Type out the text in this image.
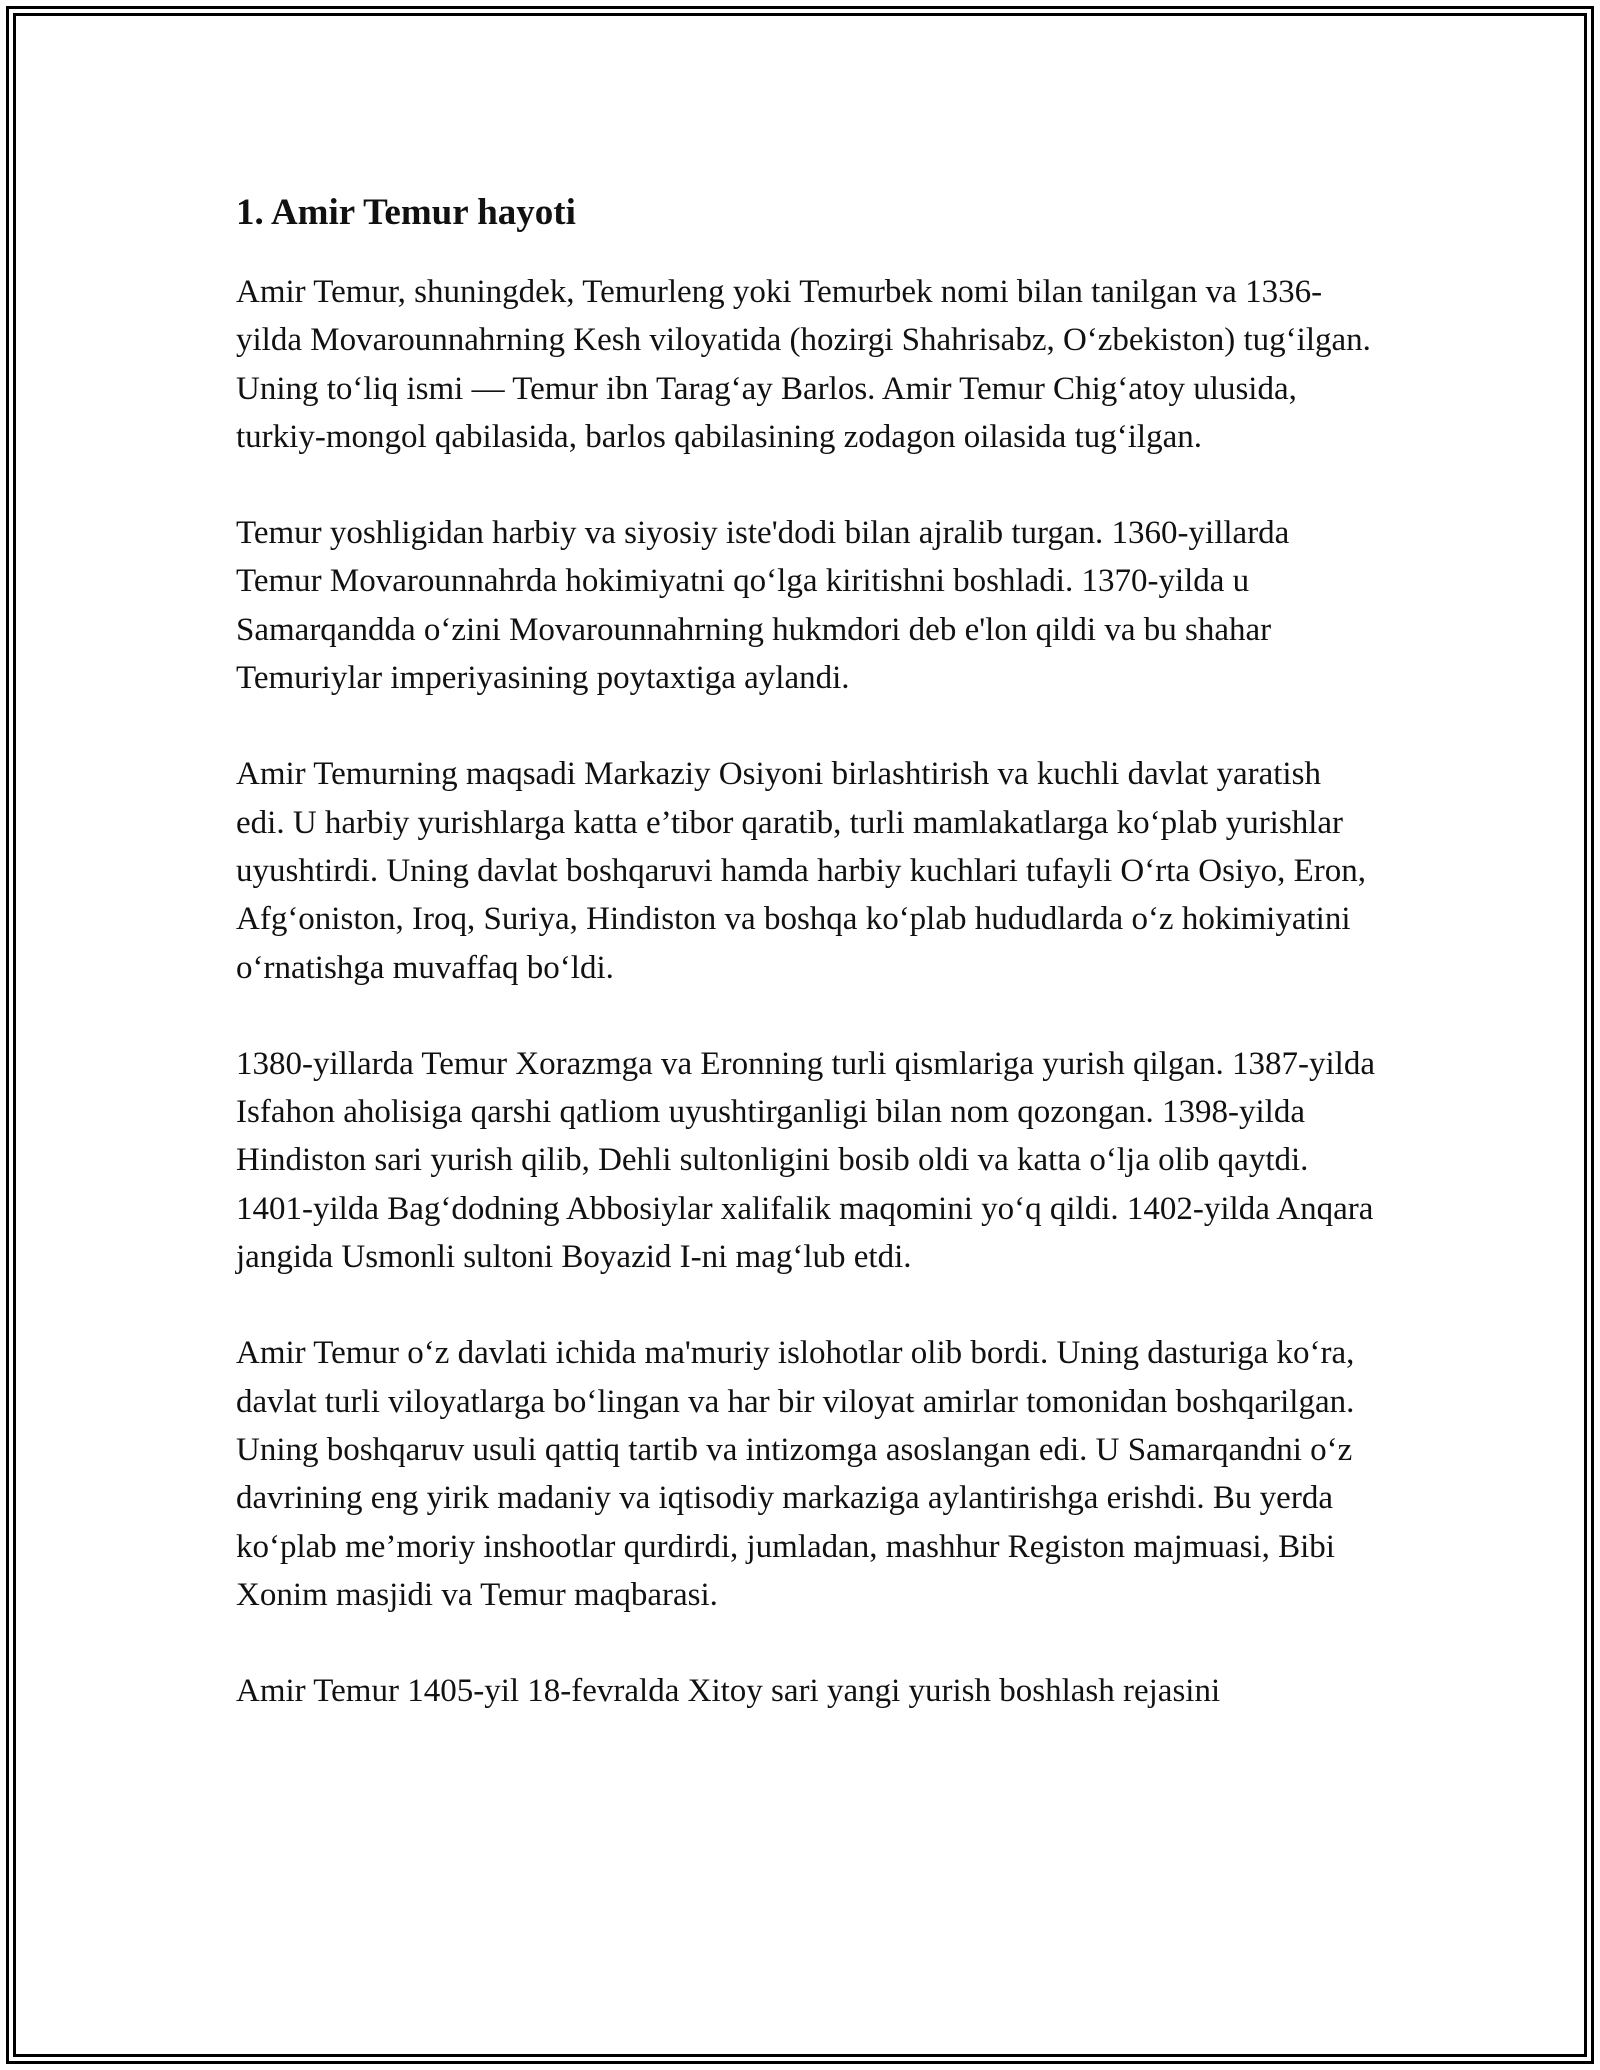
1. Amir Temur hayoti

Amir Temur, shuningdek, Temurleng yoki Temurbek nomi bilan tanilgan va 1336-yilda Movarounnahrning Kesh viloyatida (hozirgi Shahrisabz, O‘zbekiston) tug‘ilgan. Uning to‘liq ismi — Temur ibn Tarag‘ay Barlos. Amir Temur Chig‘atoy ulusida, turkiy-mongol qabilasida, barlos qabilasining zodagon oilasida tug‘ilgan.

Temur yoshligidan harbiy va siyosiy iste'dodi bilan ajralib turgan. 1360-yillarda Temur Movarounnahrda hokimiyatni qo‘lga kiritishni boshladi. 1370-yilda u Samarqandda o‘zini Movarounnahrning hukmdori deb e'lon qildi va bu shahar Temuriylar imperiyasining poytaxtiga aylandi.

Amir Temurning maqsadi Markaziy Osiyoni birlashtirish va kuchli davlat yaratish edi. U harbiy yurishlarga katta e’tibor qaratib, turli mamlakatlarga ko‘plab yurishlar uyushtirdi. Uning davlat boshqaruvi hamda harbiy kuchlari tufayli O‘rta Osiyo, Eron, Afg‘oniston, Iroq, Suriya, Hindiston va boshqa ko‘plab hududlarda o‘z hokimiyatini o‘rnatishga muvaffaq bo‘ldi.

1380-yillarda Temur Xorazmga va Eronning turli qismlariga yurish qilgan. 1387-yilda Isfahon aholisiga qarshi qatliom uyushtirganligi bilan nom qozongan. 1398-yilda Hindiston sari yurish qilib, Dehli sultonligini bosib oldi va katta o‘lja olib qaytdi. 1401-yilda Bag‘dodning Abbosiylar xalifalik maqomini yo‘q qildi. 1402-yilda Anqara jangida Usmonli sultoni Boyazid I-ni mag‘lub etdi.

Amir Temur o‘z davlati ichida ma'muriy islohotlar olib bordi. Uning dasturiga ko‘ra, davlat turli viloyatlarga bo‘lingan va har bir viloyat amirlar tomonidan boshqarilgan. Uning boshqaruv usuli qattiq tartib va intizomga asoslangan edi. U Samarqandni o‘z davrining eng yirik madaniy va iqtisodiy markaziga aylantirishga erishdi. Bu yerda ko‘plab me’moriy inshootlar qurdirdi, jumladan, mashhur Registon majmuasi, Bibi Xonim masjidi va Temur maqbarasi.

Amir Temur 1405-yil 18-fevralda Xitoy sari yangi yurish boshlash rejasini
